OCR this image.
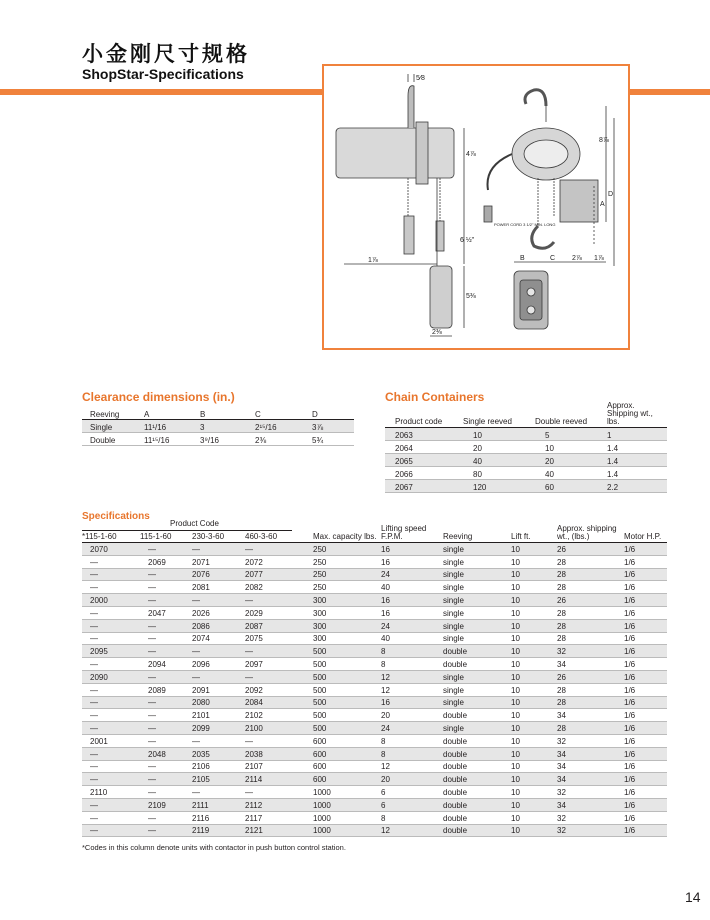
小金刚尺寸规格
ShopStar-Specifications	5⁄8
4⅞
1⅞
8⅞
6 ½"
5⅜
2⅜
2⅞ 1⅞
A
B	C
D
POWER CORD 3 1/2" MIN. LONG
Clearance dimensions (in.)
Reeving	A	B	C	D
Single	11¹/16	3	2¹⁵/16	3⅞
Double	11¹⁵/16	3⁹/16	2⅜	5¾
Chain Containers
Product code	Single reeved	Double reeved	Approx. Shipping wt., lbs.
2063	10	5	1
2064	20	10	1.4
2065	40	20	1.4
2066	80	40	1.4
2067	120	60	2.2
Specifications
Product Code
*115-1-60	115-1-60	230-3-60	460-3-60	Max. capacity lbs.	Lifting speed F.P.M.	Reeving	Lift ft.	Approx. shipping wt., (lbs.)	Motor H.P.
2070	—	—	—	250	16	single	10	26	1/6
—	2069	2071	2072	250	16	single	10	28	1/6
—	—	2076	2077	250	24	single	10	28	1/6
—	—	2081	2082	250	40	single	10	28	1/6
2000	—	—	—	300	16	single	10	26	1/6
—	2047	2026	2029	300	16	single	10	28	1/6
—	—	2086	2087	300	24	single	10	28	1/6
—	—	2074	2075	300	40	single	10	28	1/6
2095	—	—	—	500	8	double	10	32	1/6
—	2094	2096	2097	500	8	double	10	34	1/6
2090	—	—	—	500	12	single	10	26	1/6
—	2089	2091	2092	500	12	single	10	28	1/6
—	—	2080	2084	500	16	single	10	28	1/6
—	—	2101	2102	500	20	double	10	34	1/6
—	—	2099	2100	500	24	single	10	28	1/6
2001	—	—	—	600	8	double	10	32	1/6
—	2048	2035	2038	600	8	double	10	34	1/6
—	—	2106	2107	600	12	double	10	34	1/6
—	—	2105	2114	600	20	double	10	34	1/6
2110	—	—	—	1000	6	double	10	32	1/6
—	2109	2111	2112	1000	6	double	10	34	1/6
—	—	2116	2117	1000	8	double	10	32	1/6
—	—	2119	2121	1000	12	double	10	32	1/6
*Codes in this column denote units with contactor in push button control station.
14
